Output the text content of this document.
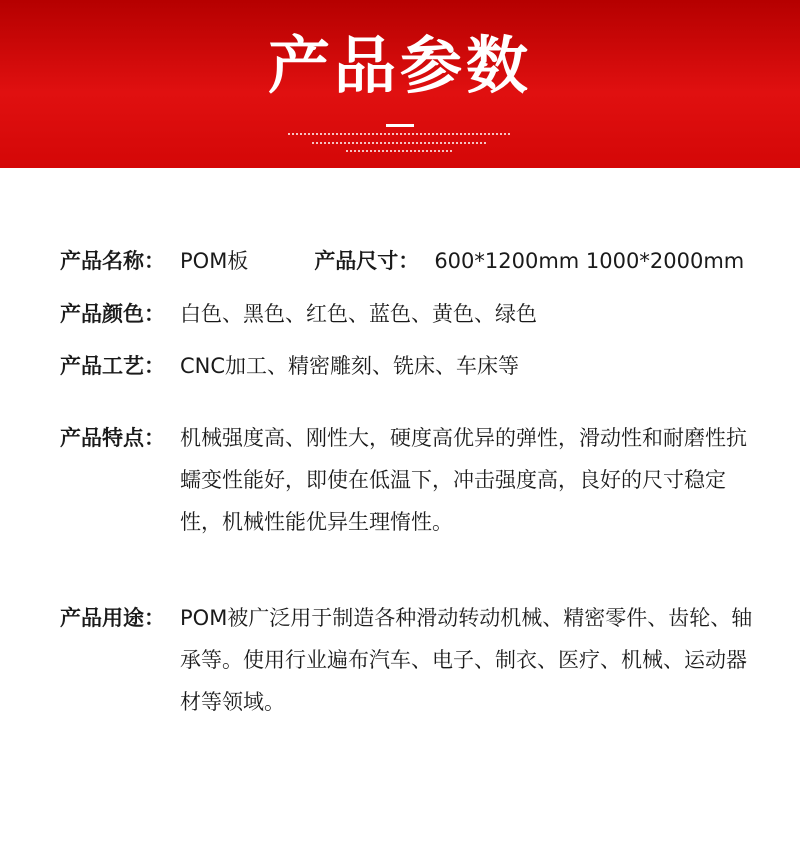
产品参数
产品名称： POM板	产品尺寸： 600*1200mm 1000*2000mm
产品颜色： 白色、黑色、红色、蓝色、黄色、绿色
产品工艺： CNC加工、精密雕刻、铣床、车床等
产品特点： 机械强度高、刚性大，硬度高优异的弹性，滑动性和耐磨性抗蠕变性能好，即使在低温下，冲击强度高，良好的尺寸稳定性，机械性能优异生理惰性。
产品用途： POM被广泛用于制造各种滑动转动机械、精密零件、齿轮、轴承等。使用行业遍布汽车、电子、制衣、医疗、机械、运动器材等领域。
